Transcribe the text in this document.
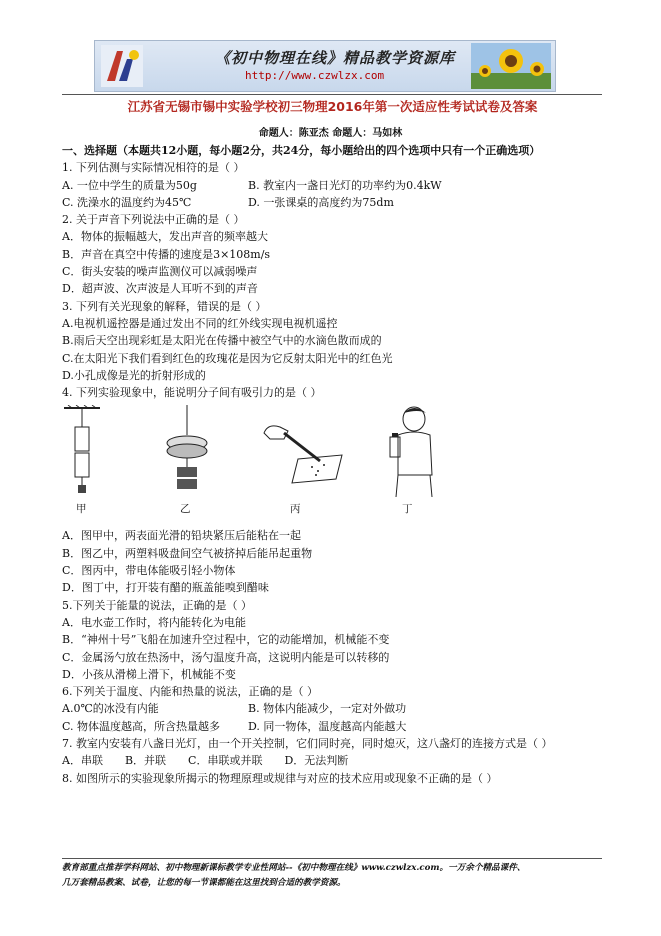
《初中物理在线》精品教学资源库
http://www.czwlzx.com
江苏省无锡市锡中实验学校初三物理2016年第一次适应性考试试卷及答案
命题人：陈亚杰 命题人：马如林
一、选择题（本题共12小题，每小题2分，共24分，每小题给出的四个选项中只有一个正确选项）
1. 下列估测与实际情况相符的是（ ）
A. 一位中学生的质量为50g	B. 教室内一盏日光灯的功率约为0.4kW
C. 洗澡水的温度约为45℃	D. 一张课桌的高度约为75dm
2. 关于声音下列说法中正确的是（ ）
A．物体的振幅越大，发出声音的频率越大
B．声音在真空中传播的速度是3×108m/s
C．街头安装的噪声监测仪可以减弱噪声
D．超声波、次声波是人耳听不到的声音
3. 下列有关光现象的解释，错误的是（ ）
A.电视机遥控器是通过发出不同的红外线实现电视机遥控
B.雨后天空出现彩虹是太阳光在传播中被空气中的水滴色散而成的
C.在太阳光下我们看到红色的玫瑰花是因为它反射太阳光中的红色光
D.小孔成像是光的折射形成的
4. 下列实验现象中，能说明分子间有吸引力的是（ ）
甲	乙	丙	丁
A．图甲中，两表面光滑的铅块紧压后能粘在一起
B．图乙中，两塑料吸盘间空气被挤掉后能吊起重物
C．图丙中，带电体能吸引轻小物体
D．图丁中，打开装有醋的瓶盖能嗅到醋味
5.下列关于能量的说法，正确的是（ ）
A．电水壶工作时，将内能转化为电能
B．“神州十号”飞船在加速升空过程中，它的动能增加，机械能不变
C．金属汤勺放在热汤中，汤勺温度升高，这说明内能是可以转移的
D．小孩从滑梯上滑下，机械能不变
6.下列关于温度、内能和热量的说法，正确的是（ ）
A.0℃的冰没有内能	B. 物体内能减少，一定对外做功
C. 物体温度越高，所含热量越多	D. 同一物体，温度越高内能越大
7. 教室内安装有八盏日光灯，由一个开关控制，它们同时亮，同时熄灭，这八盏灯的连接方式是（ ）
A．串联 B．并联 C．串联或并联 D．无法判断
8. 如图所示的实验现象所揭示的物理原理或规律与对应的技术应用或现象不正确的是（ ）
教育部重点推荐学科网站、初中物理新课标教学专业性网站--《初中物理在线》www.czwlzx.com。一万余个精品课件、
几万套精品教案、试卷，让您的每一节课都能在这里找到合适的教学资源。
